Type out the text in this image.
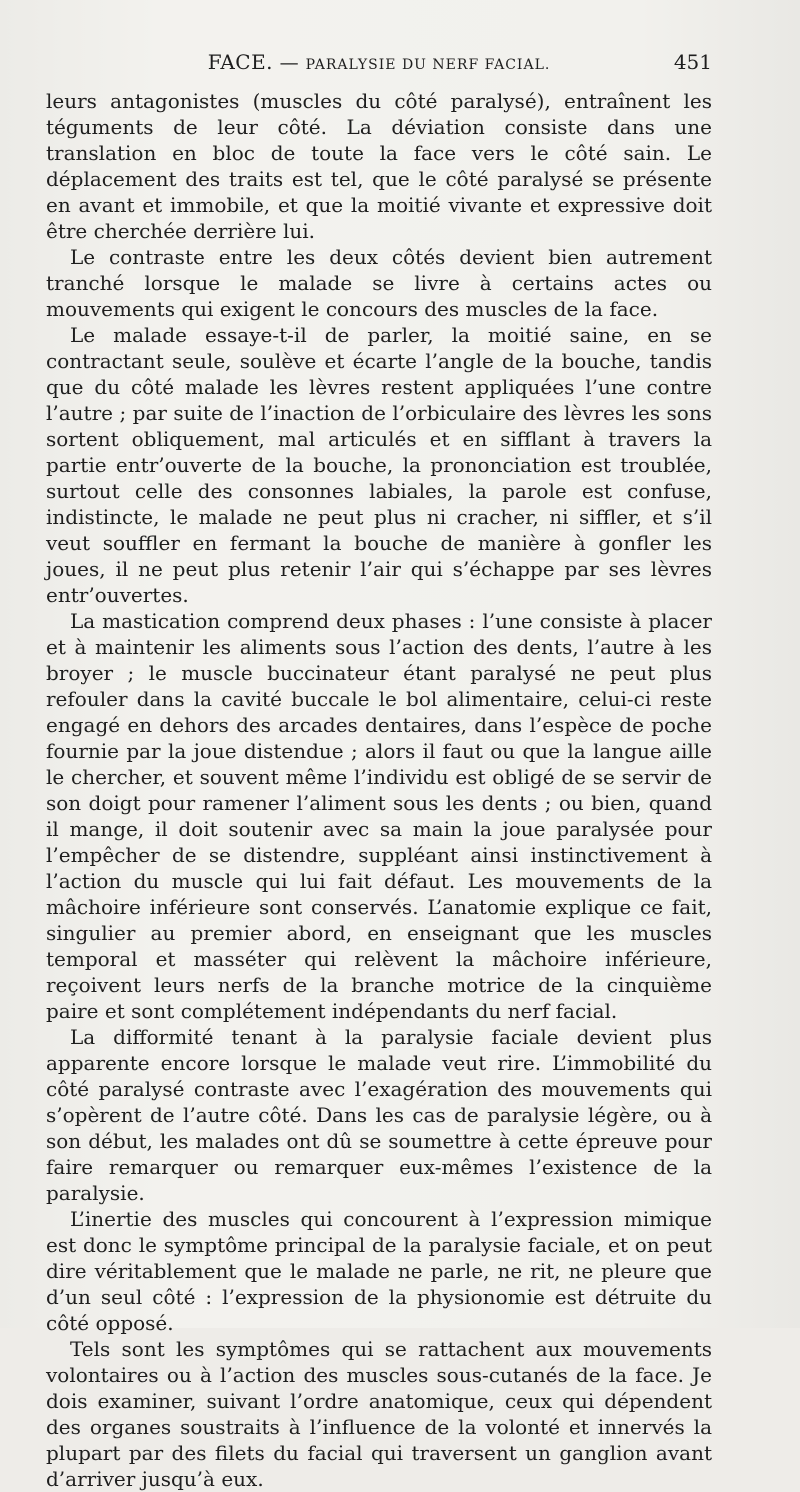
FACE. — PARALYSIE DU NERF FACIAL.	451

leurs antagonistes (muscles du côté paralysé), entraînent les téguments de leur côté. La déviation consiste dans une translation en bloc de toute la face vers le côté sain. Le déplacement des traits est tel, que le côté paralysé se présente en avant et immobile, et que la moitié vivante et expressive doit être cherchée derrière lui.

Le contraste entre les deux côtés devient bien autrement tranché lorsque le malade se livre à certains actes ou mouvements qui exigent le concours des muscles de la face.

Le malade essaye-t-il de parler, la moitié saine, en se contractant seule, soulève et écarte l’angle de la bouche, tandis que du côté malade les lèvres restent appliquées l’une contre l’autre ; par suite de l’inaction de l’orbiculaire des lèvres les sons sortent obliquement, mal articulés et en sifflant à travers la partie entr’ouverte de la bouche, la prononciation est troublée, surtout celle des consonnes labiales, la parole est confuse, indistincte, le malade ne peut plus ni cracher, ni siffler, et s’il veut souffler en fermant la bouche de manière à gonfler les joues, il ne peut plus retenir l’air qui s’échappe par ses lèvres entr’ouvertes.

La mastication comprend deux phases : l’une consiste à placer et à maintenir les aliments sous l’action des dents, l’autre à les broyer ; le muscle buccinateur étant paralysé ne peut plus refouler dans la cavité buccale le bol alimentaire, celui-ci reste engagé en dehors des arcades dentaires, dans l’espèce de poche fournie par la joue distendue ; alors il faut ou que la langue aille le chercher, et souvent même l’individu est obligé de se servir de son doigt pour ramener l’aliment sous les dents ; ou bien, quand il mange, il doit soutenir avec sa main la joue paralysée pour l’empêcher de se distendre, suppléant ainsi instinctivement à l’action du muscle qui lui fait défaut. Les mouvements de la mâchoire inférieure sont conservés. L’anatomie explique ce fait, singulier au premier abord, en enseignant que les muscles temporal et masséter qui relèvent la mâchoire inférieure, reçoivent leurs nerfs de la branche motrice de la cinquième paire et sont complétement indépendants du nerf facial.

La difformité tenant à la paralysie faciale devient plus apparente encore lorsque le malade veut rire. L’immobilité du côté paralysé contraste avec l’exagération des mouvements qui s’opèrent de l’autre côté. Dans les cas de paralysie légère, ou à son début, les malades ont dû se soumettre à cette épreuve pour faire remarquer ou remarquer eux-mêmes l’existence de la paralysie.

L’inertie des muscles qui concourent à l’expression mimique est donc le symptôme principal de la paralysie faciale, et on peut dire véritablement que le malade ne parle, ne rit, ne pleure que d’un seul côté : l’expression de la physionomie est détruite du côté opposé.

Tels sont les symptômes qui se rattachent aux mouvements volontaires ou à l’action des muscles sous-cutanés de la face. Je dois examiner, suivant l’ordre anatomique, ceux qui dépendent des organes soustraits à l’influence de la volonté et innervés la plupart par des filets du facial qui traversent un ganglion avant d’arriver jusqu’à eux.
